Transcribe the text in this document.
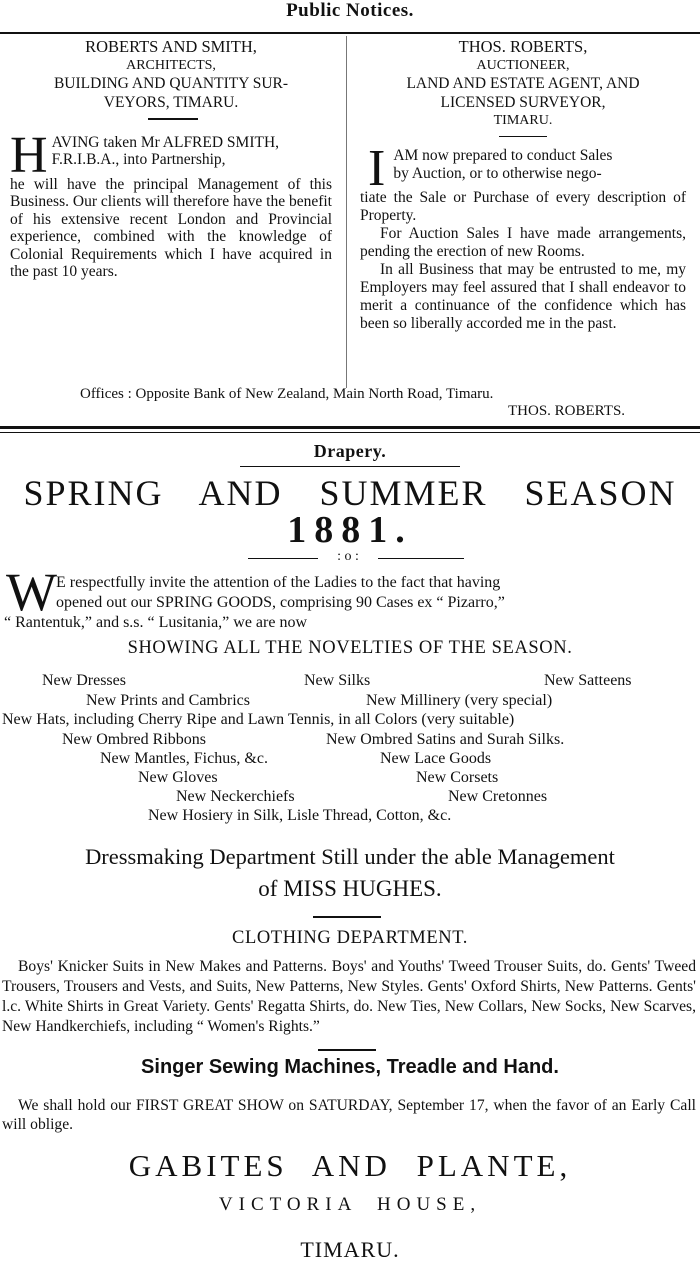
Public Notices.
ROBERTS AND SMITH,
ARCHITECTS,
BUILDING AND QUANTITY SUR-
VEYORS, TIMARU.
H AVING taken Mr ALFRED SMITH,
F.R.I.B.A., into Partnership,
he will have the principal Management of this Business. Our clients will therefore have the benefit of his extensive recent London and Provincial experience, combined with the knowledge of Colonial Requirements which I have acquired in the past 10 years.
THOS. ROBERTS,
AUCTIONEER,
LAND AND ESTATE AGENT, AND
LICENSED SURVEYOR,
TIMARU.
I AM now prepared to conduct Sales
by Auction, or to otherwise nego-
tiate the Sale or Purchase of every description of Property.
For Auction Sales I have made arrangements, pending the erection of new Rooms.
In all Business that may be entrusted to me, my Employers may feel assured that I shall endeavor to merit a continuance of the confidence which has been so liberally accorded me in the past.
Offices : Opposite Bank of New Zealand, Main North Road, Timaru.
THOS. ROBERTS.
Drapery.
SPRING AND SUMMER SEASON
1881.
: o :
W E respectfully invite the attention of the Ladies to the fact that having
opened out our SPRING GOODS, comprising 90 Cases ex “ Pizarro,”
“ Rantentuk,” and s.s. “ Lusitania,” we are now
SHOWING ALL THE NOVELTIES OF THE SEASON.
New Dresses	New Silks	New Satteens
New Prints and Cambrics	New Millinery (very special)
New Hats, including Cherry Ripe and Lawn Tennis, in all Colors (very suitable)
New Ombred Ribbons	New Ombred Satins and Surah Silks.
New Mantles, Fichus, &c.	New Lace Goods
New Gloves	New Corsets
New Neckerchiefs	New Cretonnes
New Hosiery in Silk, Lisle Thread, Cotton, &c.
Dressmaking Department Still under the able Management
of MISS HUGHES.
CLOTHING DEPARTMENT.
Boys' Knicker Suits in New Makes and Patterns. Boys' and Youths' Tweed Trouser Suits, do. Gents' Tweed Trousers, Trousers and Vests, and Suits, New Patterns, New Styles. Gents' Oxford Shirts, New Patterns. Gents' l.c. White Shirts in Great Variety. Gents' Regatta Shirts, do. New Ties, New Collars, New Socks, New Scarves, New Handkerchiefs, including “ Women's Rights.”
Singer Sewing Machines, Treadle and Hand.
We shall hold our FIRST GREAT SHOW on SATURDAY, September 17, when the favor of an Early Call will oblige.
GABITES AND PLANTE,
VICTORIA HOUSE,
TIMARU.
